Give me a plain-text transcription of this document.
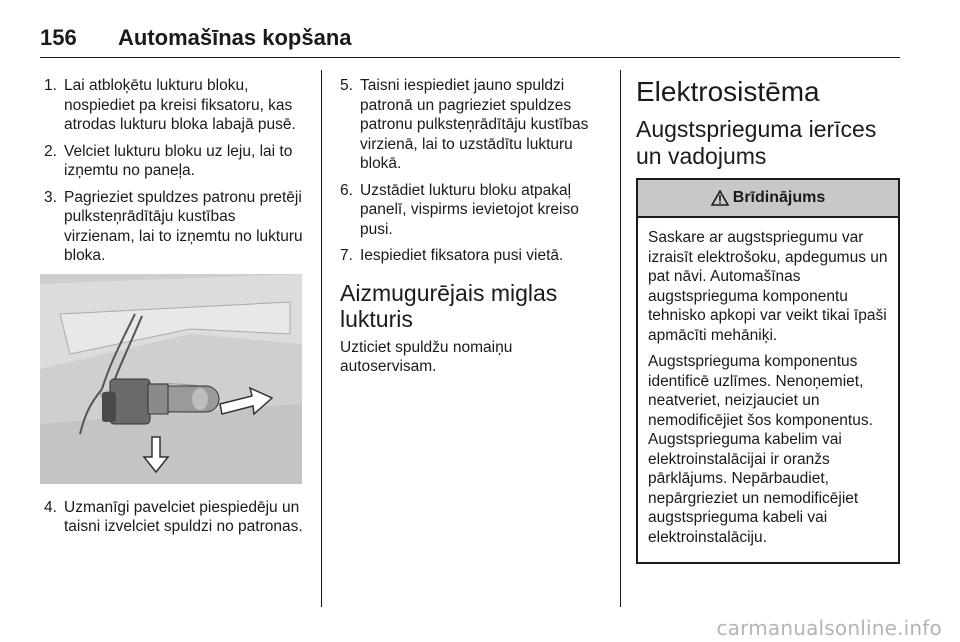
156	Automašīnas kopšana
1. Lai atbloķētu lukturu bloku, nospiediet pa kreisi fiksatoru, kas atrodas lukturu bloka labajā pusē.
2. Velciet lukturu bloku uz leju, lai to izņemtu no paneļa.
3. Pagrieziet spuldzes patronu pretēji pulksteņrādītāju kustības virzienam, lai to izņemtu no lukturu bloka.
4. Uzmanīgi pavelciet piespiedēju un taisni izvelciet spuldzi no patronas.
5. Taisni iespiediet jauno spuldzi patronā un pagrieziet spuldzes patronu pulksteņrādītāju kustības virzienā, lai to uzstādītu lukturu blokā.
6. Uzstādiet lukturu bloku atpakaļ panelī, vispirms ievietojot kreiso pusi.
7. Iespiediet fiksatora pusi vietā.
Aizmugurējais miglas lukturis

Uzticiet spuldžu nomaiņu autoservisam.

Elektrosistēma
Augstsprieguma ierīces un vadojums
Brīdinājums

Saskare ar augstspriegumu var izraisīt elektrošoku, apdegumus un pat nāvi. Automašīnas augstsprieguma komponentu tehnisko apkopi var veikt tikai īpaši apmācīti mehāniķi.

Augstsprieguma komponentus identificē uzlīmes. Nenoņemiet, neatveriet, neizjauciet un nemodificējiet šos komponentus. Augstsprieguma kabelim vai elektroinstalācijai ir oranžs pārklājums. Nepārbaudiet, nepārgrieziet un nemodificējiet augstsprieguma kabeli vai elektroinstalāciju.

carmanualsonline.info
